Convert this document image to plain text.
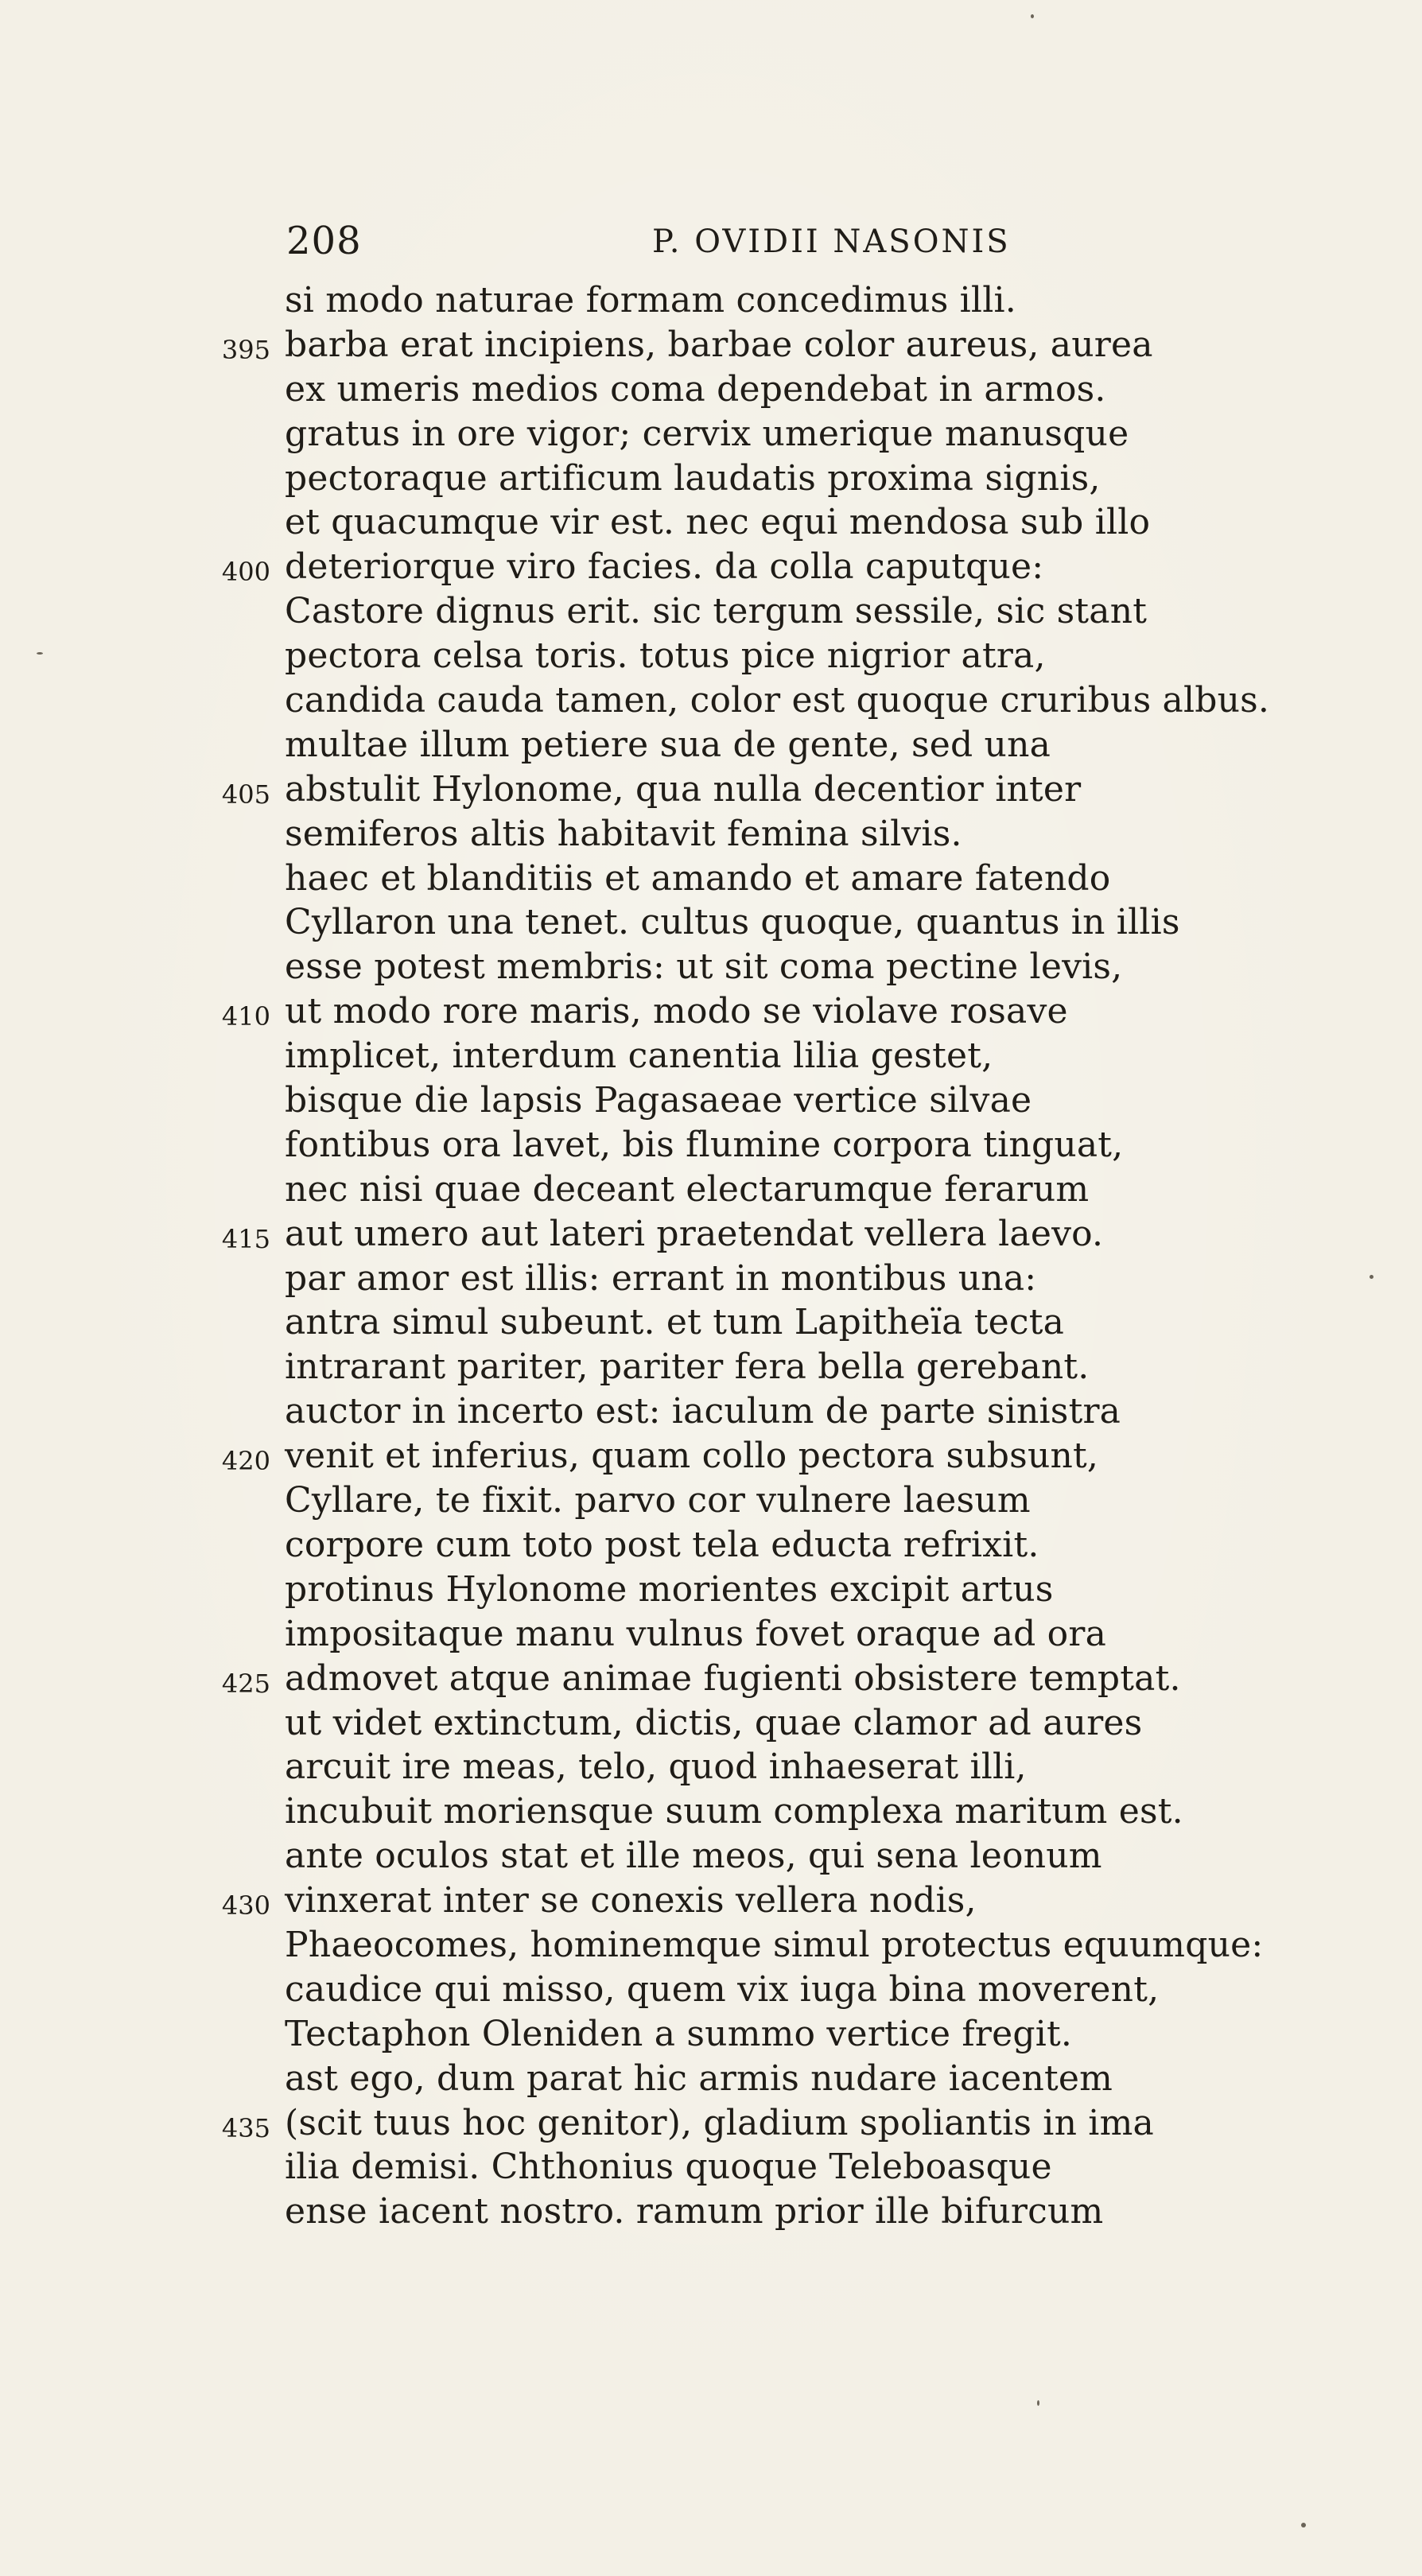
208	P. OVIDII NASONIS
si modo naturae formam concedimus illi.
395 barba erat incipiens, barbae color aureus, aurea
ex umeris medios coma dependebat in armos.
gratus in ore vigor; cervix umerique manusque
pectoraque artificum laudatis proxima signis,
et quacumque vir est. nec equi mendosa sub illo
400 deteriorque viro facies. da colla caputque:
Castore dignus erit. sic tergum sessile, sic stant
pectora celsa toris. totus pice nigrior atra,
candida cauda tamen, color est quoque cruribus albus.
multae illum petiere sua de gente, sed una
405 abstulit Hylonome, qua nulla decentior inter
semiferos altis habitavit femina silvis.
haec et blanditiis et amando et amare fatendo
Cyllaron una tenet. cultus quoque, quantus in illis
esse potest membris: ut sit coma pectine levis,
410 ut modo rore maris, modo se violave rosave
implicet, interdum canentia lilia gestet,
bisque die lapsis Pagasaeae vertice silvae
fontibus ora lavet, bis flumine corpora tinguat,
nec nisi quae deceant electarumque ferarum
415 aut umero aut lateri praetendat vellera laevo.
par amor est illis: errant in montibus una:
antra simul subeunt. et tum Lapitheïa tecta
intrarant pariter, pariter fera bella gerebant.
auctor in incerto est: iaculum de parte sinistra
420 venit et inferius, quam collo pectora subsunt,
Cyllare, te fixit. parvo cor vulnere laesum
corpore cum toto post tela educta refrixit.
protinus Hylonome morientes excipit artus
impositaque manu vulnus fovet oraque ad ora
425 admovet atque animae fugienti obsistere temptat.
ut videt extinctum, dictis, quae clamor ad aures
arcuit ire meas, telo, quod inhaeserat illi,
incubuit moriensque suum complexa maritum est.
ante oculos stat et ille meos, qui sena leonum
430 vinxerat inter se conexis vellera nodis,
Phaeocomes, hominemque simul protectus equumque:
caudice qui misso, quem vix iuga bina moverent,
Tectaphon Oleniden a summo vertice fregit.
ast ego, dum parat hic armis nudare iacentem
435 (scit tuus hoc genitor), gladium spoliantis in ima
ilia demisi. Chthonius quoque Teleboasque
ense iacent nostro. ramum prior ille bifurcum
